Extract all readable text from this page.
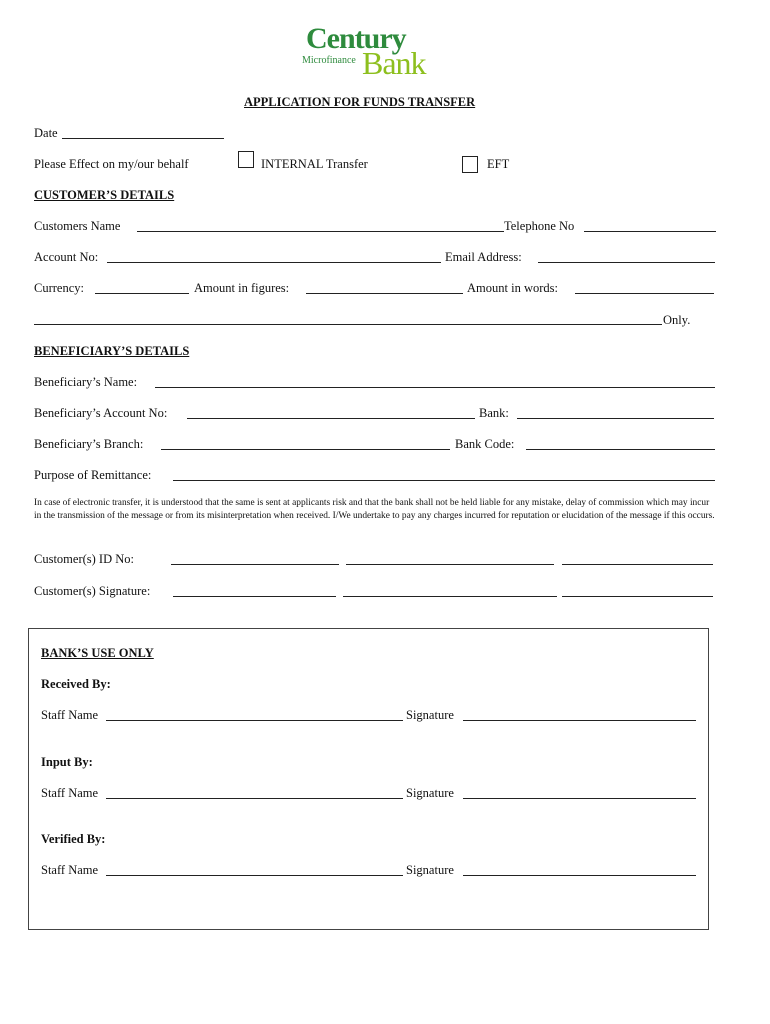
Century
Microfinance Bank
APPLICATION FOR FUNDS TRANSFER
Date
Please Effect on my/our behalf	INTERNAL Transfer	EFT
CUSTOMER’S DETAILS
Customers Name	Telephone No
Account No:	Email Address:
Currency:	Amount in figures:	Amount in words:
Only.
BENEFICIARY’S DETAILS
Beneficiary’s Name:
Beneficiary’s Account No:	Bank:
Beneficiary’s Branch:	Bank Code:
Purpose of Remittance:
In case of electronic transfer, it is understood that the same is sent at applicants risk and that the bank shall not be held liable for any mistake, delay of commission which may incur in the transmission of the message or from its misinterpretation when received. I/We undertake to pay any charges incurred for reputation or elucidation of the message if this occurs.
Customer(s) ID No:
Customer(s) Signature:
BANK’S USE ONLY
Received By:
Staff Name	Signature
Input By:
Staff Name	Signature
Verified By:
Staff Name	Signature
